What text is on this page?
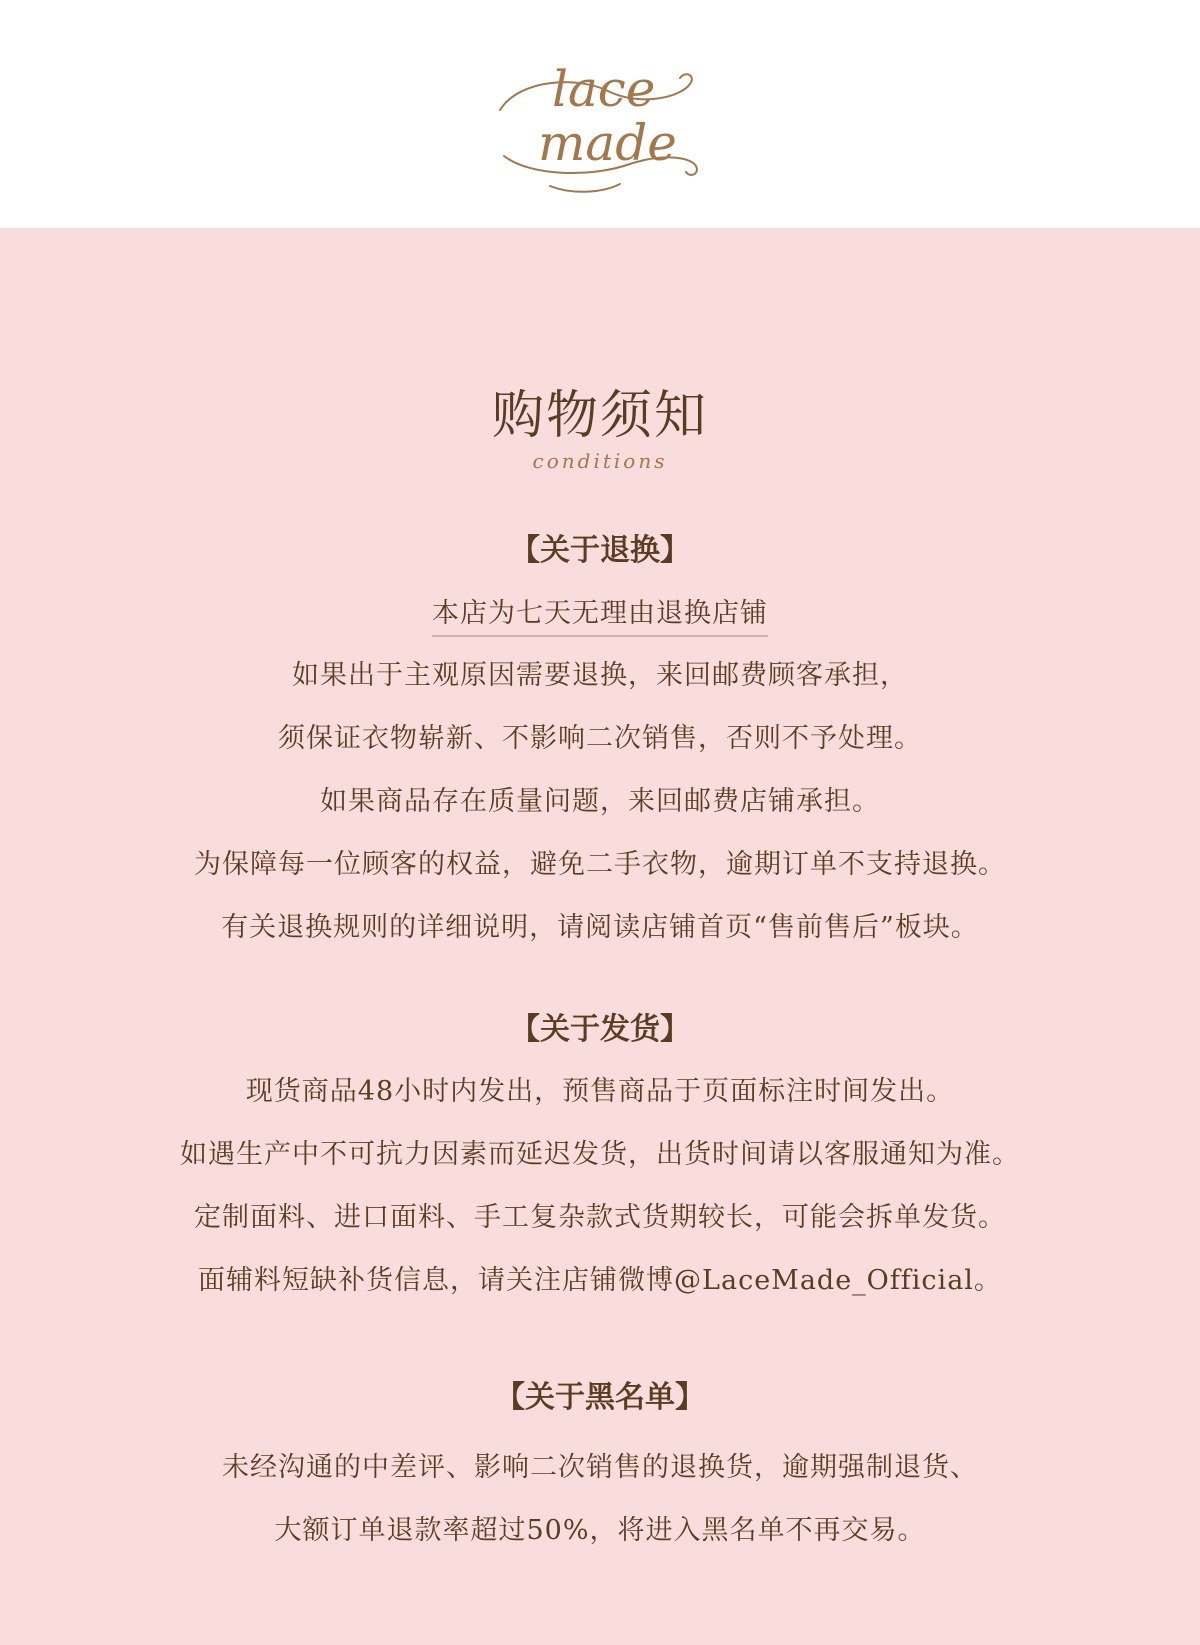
lace
made
购物须知
conditions
【关于退换】
本店为七天无理由退换店铺
如果出于主观原因需要退换，来回邮费顾客承担，
须保证衣物崭新、不影响二次销售，否则不予处理。
如果商品存在质量问题，来回邮费店铺承担。
为保障每一位顾客的权益，避免二手衣物，逾期订单不支持退换。
有关退换规则的详细说明，请阅读店铺首页“售前售后”板块。
【关于发货】
现货商品48小时内发出，预售商品于页面标注时间发出。
如遇生产中不可抗力因素而延迟发货，出货时间请以客服通知为准。
定制面料、进口面料、手工复杂款式货期较长，可能会拆单发货。
面辅料短缺补货信息，请关注店铺微博@LaceMade_Official。
【关于黑名单】
未经沟通的中差评、影响二次销售的退换货，逾期强制退货、
大额订单退款率超过50%，将进入黑名单不再交易。
